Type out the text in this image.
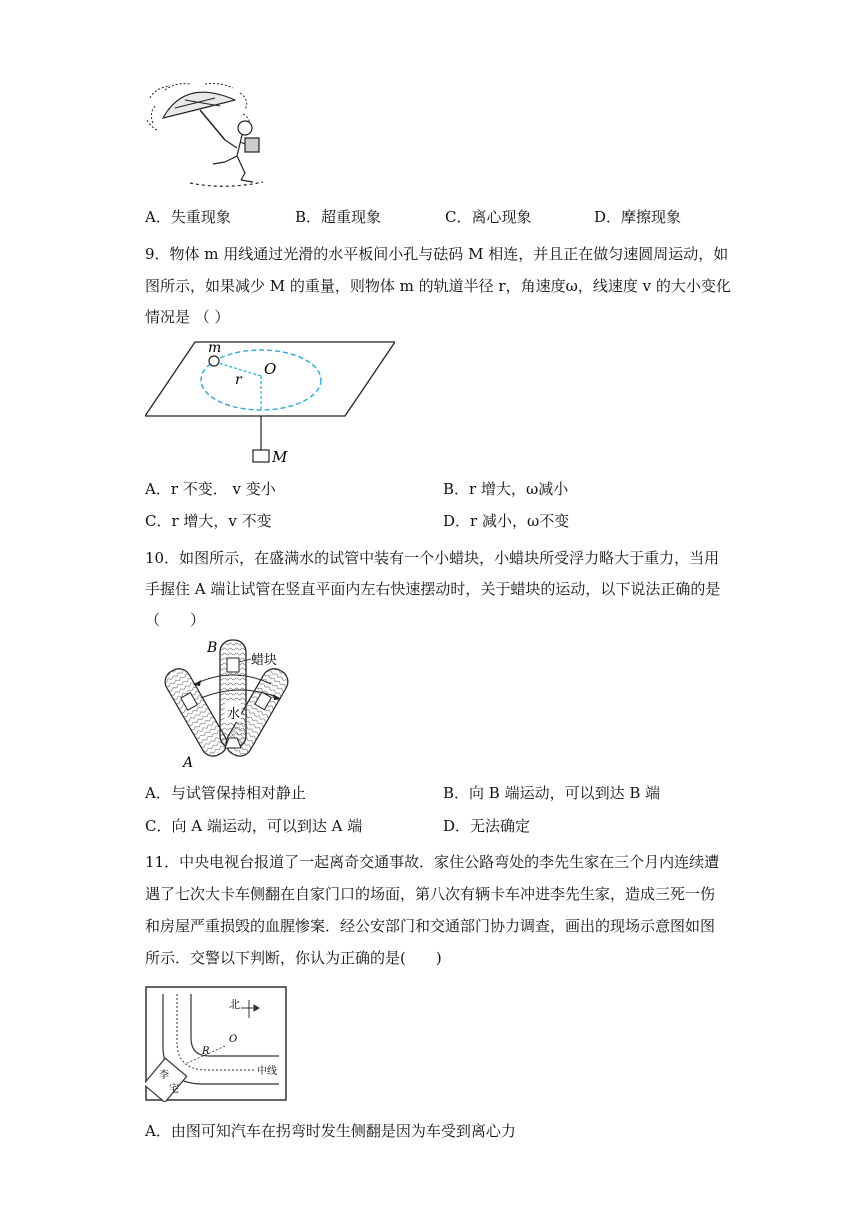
A．失重现象	B．超重现象	C．离心现象	D．摩擦现象
9．物体 m 用线通过光滑的水平板间小孔与砝码 M 相连，并且正在做匀速圆周运动，如
图所示，如果减少 M 的重量，则物体 m 的轨道半径 r，角速度ω，线速度 v 的大小变化
情况是 （ ）
m
r
O
M
A．r 不变． v 变小	B．r 增大，ω减小
C．r 增大，v 不变	D．r 减小，ω不变
10．如图所示，在盛满水的试管中装有一个小蜡块，小蜡块所受浮力略大于重力，当用
手握住 A 端让试管在竖直平面内左右快速摆动时，关于蜡块的运动，以下说法正确的是
（　　）
B
蜡块
水
A
A．与试管保持相对静止	B．向 B 端运动，可以到达 B 端
C．向 A 端运动，可以到达 A 端	D．无法确定
11．中央电视台报道了一起离奇交通事故．家住公路弯处的李先生家在三个月内连续遭
遇了七次大卡车侧翻在自家门口的场面，第八次有辆卡车冲进李先生家，造成三死一伤
和房屋严重损毁的血腥惨案．经公安部门和交通部门协力调查，画出的现场示意图如图
所示．交警以下判断，你认为正确的是(　　)
O
R
中线
北
李
宅
A．由图可知汽车在拐弯时发生侧翻是因为车受到离心力
